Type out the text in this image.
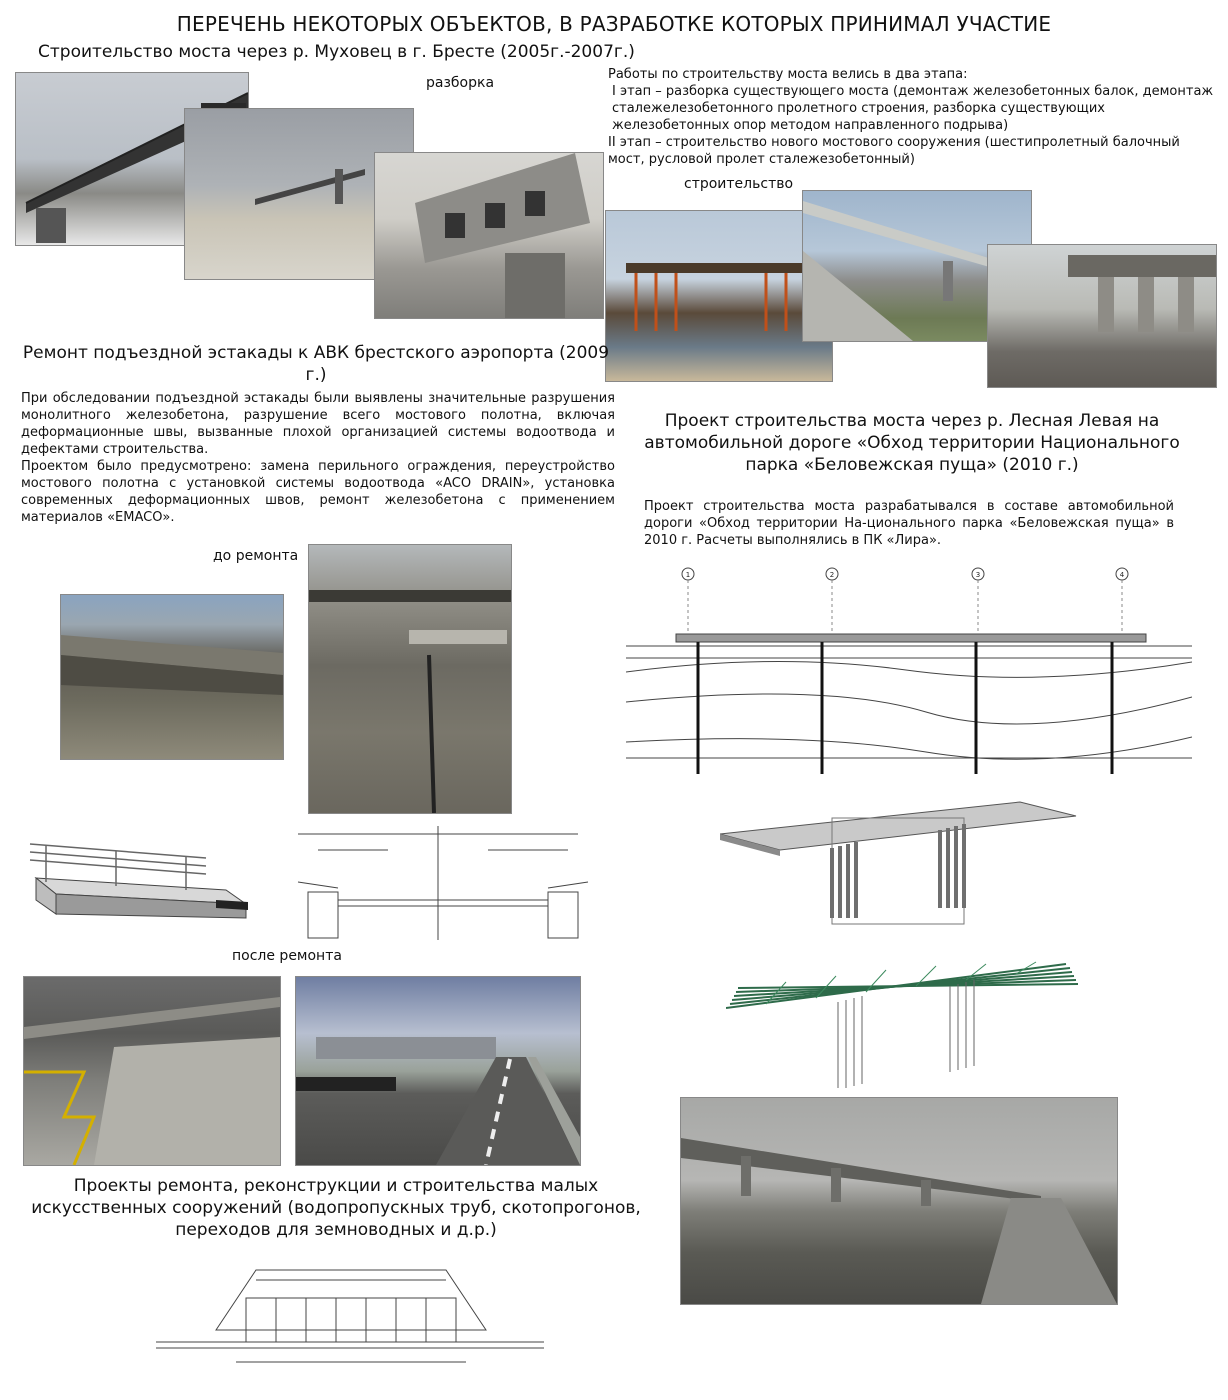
ПЕРЕЧЕНЬ НЕКОТОРЫХ ОБЪЕКТОВ, В РАЗРАБОТКЕ КОТОРЫХ ПРИНИМАЛ УЧАСТИЕ
Строительство моста через р. Муховец в г. Бресте (2005г.-2007г.)
разборка
Работы по строительству моста велись в два этапа:
I этап – разборка существующего моста (демонтаж железобетонных балок, демонтаж сталежелезобетонного пролетного строения, разборка существующих железобетонных опор методом направленного подрыва)
II этап – строительство нового мостового сооружения (шестипролетный балочный мост, русловой пролет сталежезобетонный)
строительство
Ремонт подъездной эстакады к АВК брестского аэропорта (2009 г.)
При обследовании подъездной эстакады были выявлены значительные разрушения монолитного железобетона, разрушение всего мостового полотна, включая деформационные швы, вызванные плохой организацией системы водоотвода и дефектами строительства.
Проектом было предусмотрено: замена перильного ограждения, переустройство мостового полотна с установкой системы водоотвода «ACO DRAIN», установка современных деформационных швов, ремонт железобетона с применением материалов «EMACO».
до ремонта
после ремонта
Проекты ремонта, реконструкции и строительства малых искусственных сооружений (водопропускных труб, скотопрогонов, переходов для земноводных и д.р.)
Проект строительства моста через р. Лесная Левая на автомобильной дороге «Обход территории Национального парка «Беловежская пуща» (2010 г.)
Проект строительства моста разрабатывался в составе автомобильной дороги «Обход территории На-ционального парка «Беловежская пуща» в 2010 г. Расчеты выполнялись в ПК «Лира».
1	2	3	4
